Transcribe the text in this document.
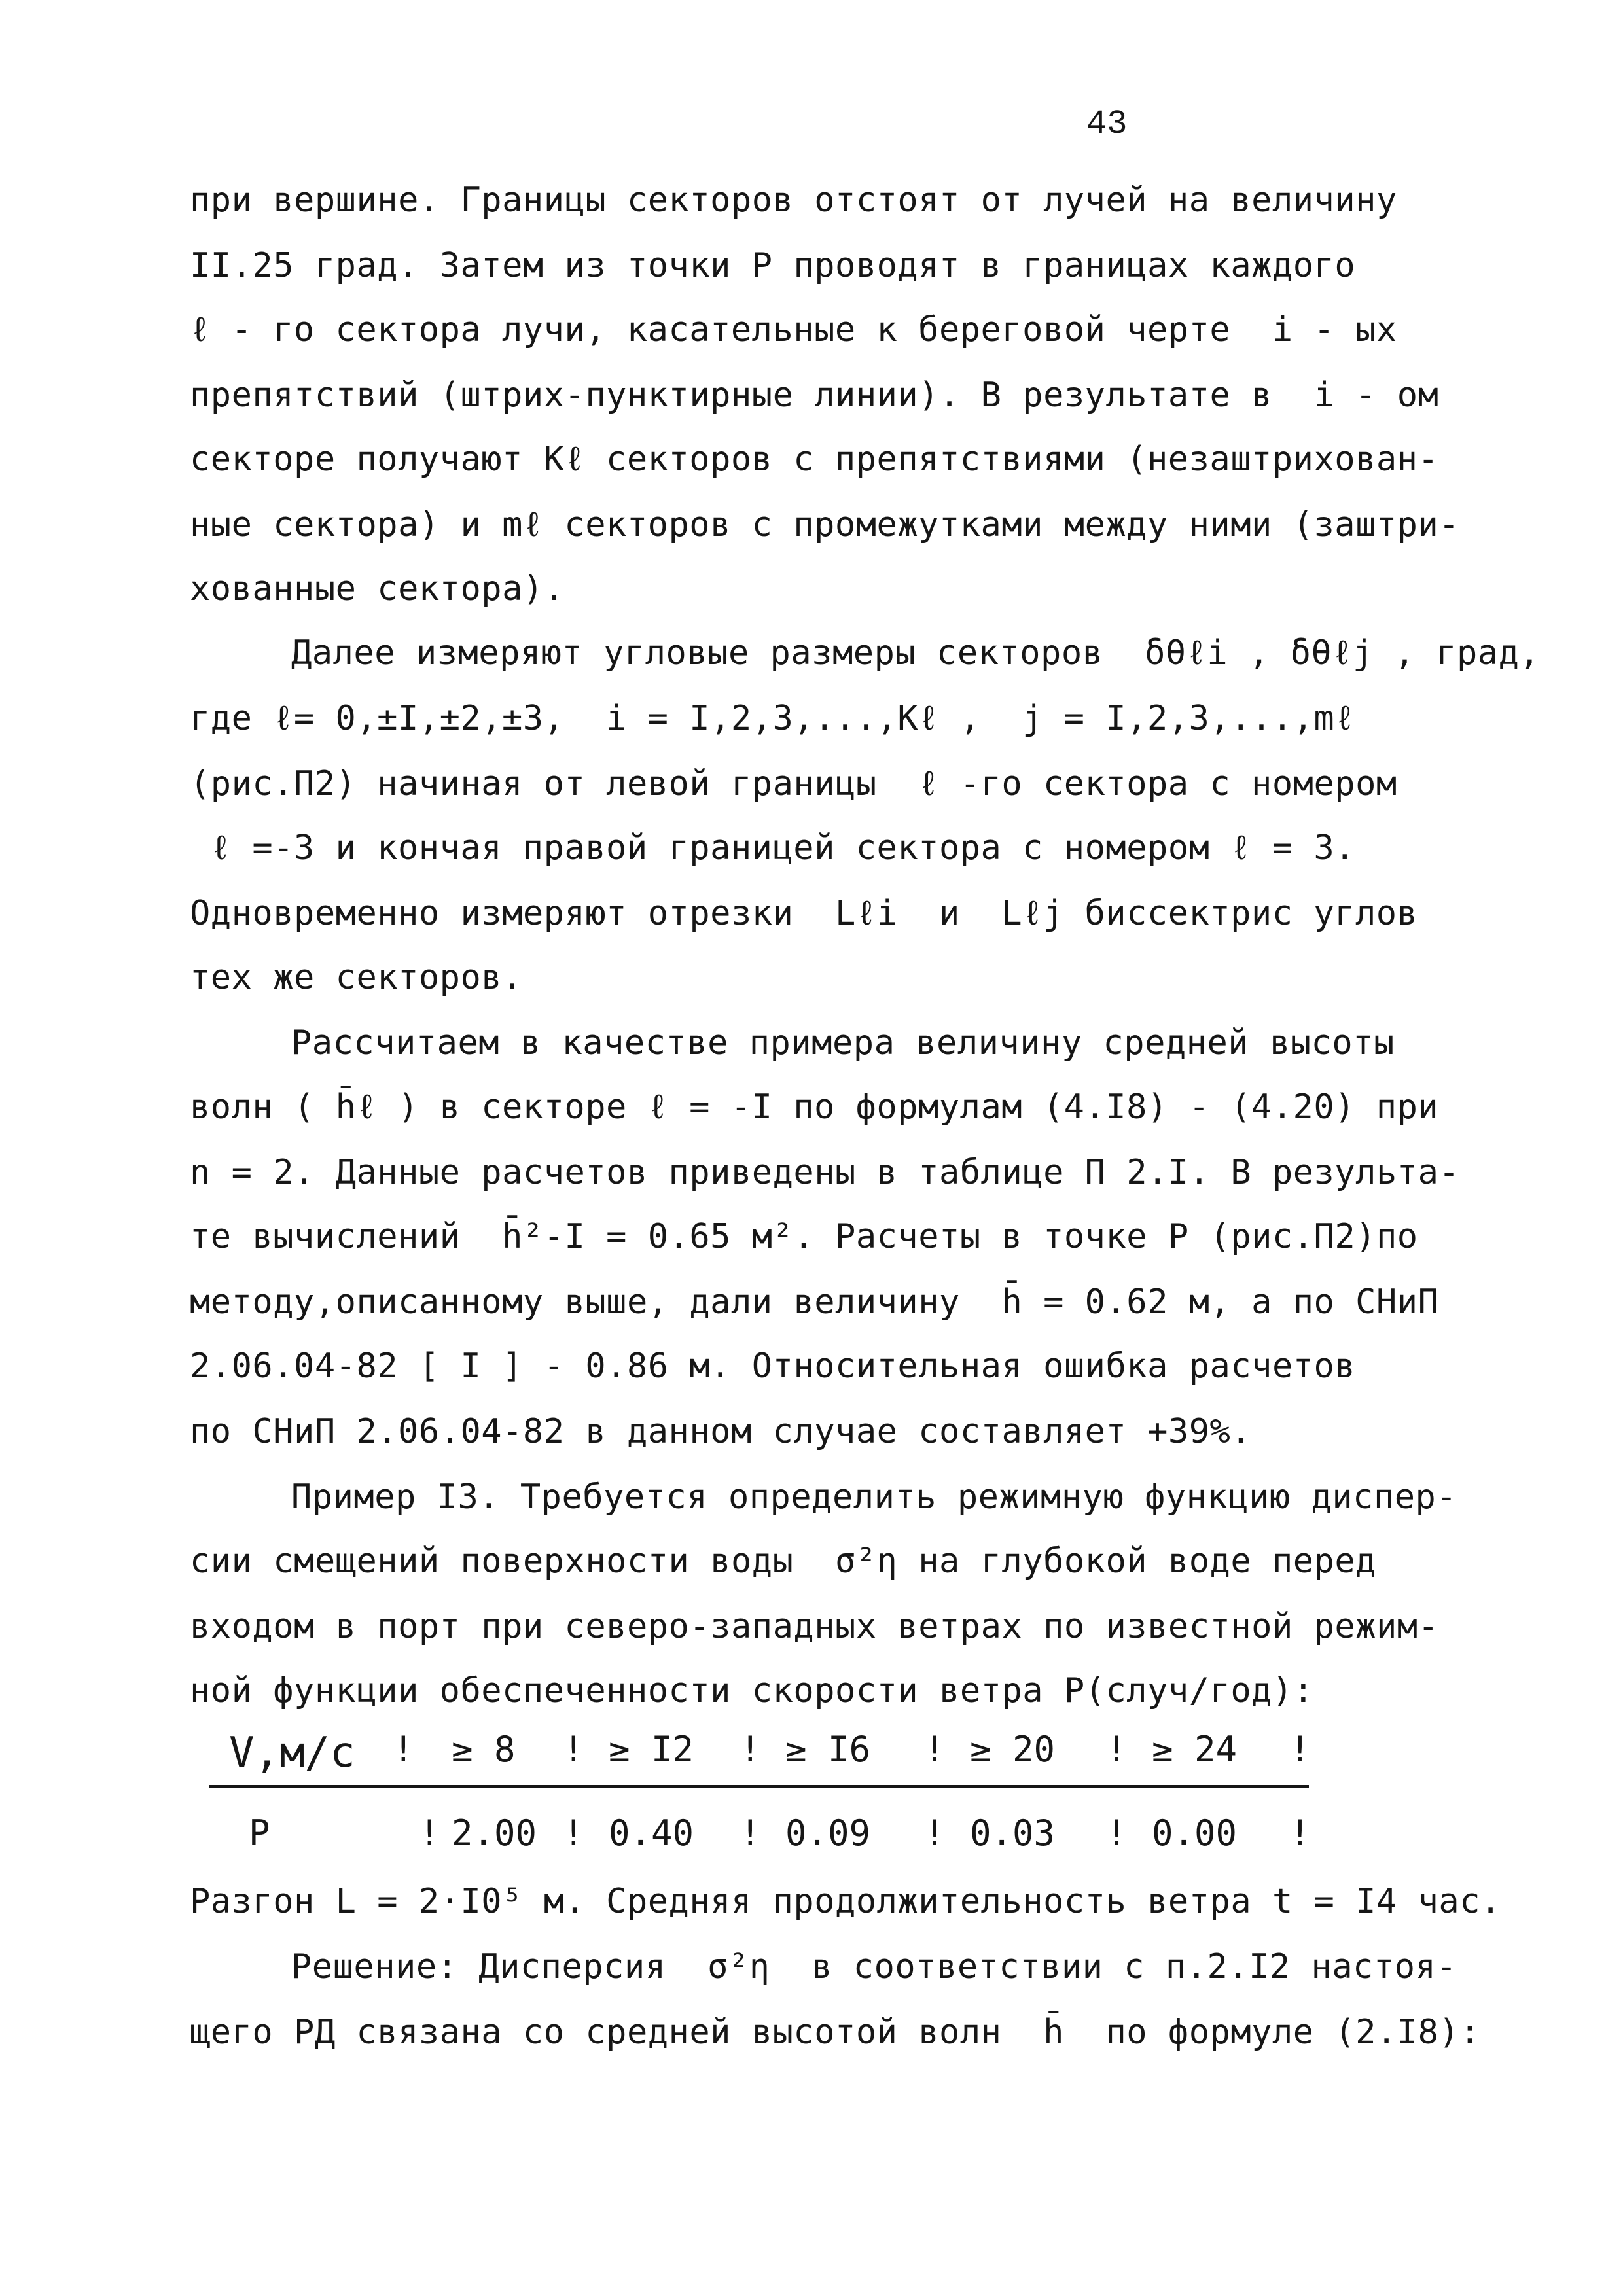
43
при вершине. Границы секторов отстоят от лучей на величину
II.25 град. Затем из точки Р проводят в границах каждого
ℓ - го сектора лучи, касательные к береговой черте  i - ых
препятствий (штрих-пунктирные линии). В результате в  i - ом
секторе получают Kℓ секторов с препятствиями (незаштрихован-
ные сектора) и mℓ секторов с промежутками между ними (заштри-
хованные сектора).
Далее измеряют угловые размеры секторов  δθℓi , δθℓj , град,
где ℓ= 0,±I,±2,±3,  i = I,2,3,...,Kℓ ,  j = I,2,3,...,mℓ
(рис.П2) начиная от левой границы  ℓ -го сектора с номером
ℓ =-3 и кончая правой границей сектора с номером ℓ = 3.
Одновременно измеряют отрезки  Lℓi  и  Lℓj биссектрис углов
тех же секторов.
Рассчитаем в качестве примера величину средней высоты
волн ( h̄ℓ ) в секторе ℓ = -I по формулам (4.I8) - (4.20) при
n = 2. Данные расчетов приведены в таблице П 2.I. В результа-
те вычислений  h̄²-I = 0.65 м². Расчеты в точке Р (рис.П2)по
методу,описанному выше, дали величину  h̄ = 0.62 м, а по СНиП
2.06.04-82 [ I ] - 0.86 м. Относительная ошибка расчетов
по СНиП 2.06.04-82 в данном случае составляет +39%.
Пример I3. Требуется определить режимную функцию диспер-
сии смещений поверхности воды  σ²η на глубокой воде перед
входом в порт при северо-западных ветрах по известной режим-
ной функции обеспеченности скорости ветра Р(случ/год):

V,м/с

!

≥ 8

!

≥ I2

!

≥ I6

!

≥ 20

!

≥ 24

!

Р

	!

2.00

!

0.40

!

0.09

!

0.03

!

0.00

!

Разгон L = 2·I0⁵ м. Средняя продолжительность ветра t = I4 час.
Решение: Дисперсия  σ²η  в соответствии с п.2.I2 настоя-
щего РД связана со средней высотой волн  h̄  по формуле (2.I8):
